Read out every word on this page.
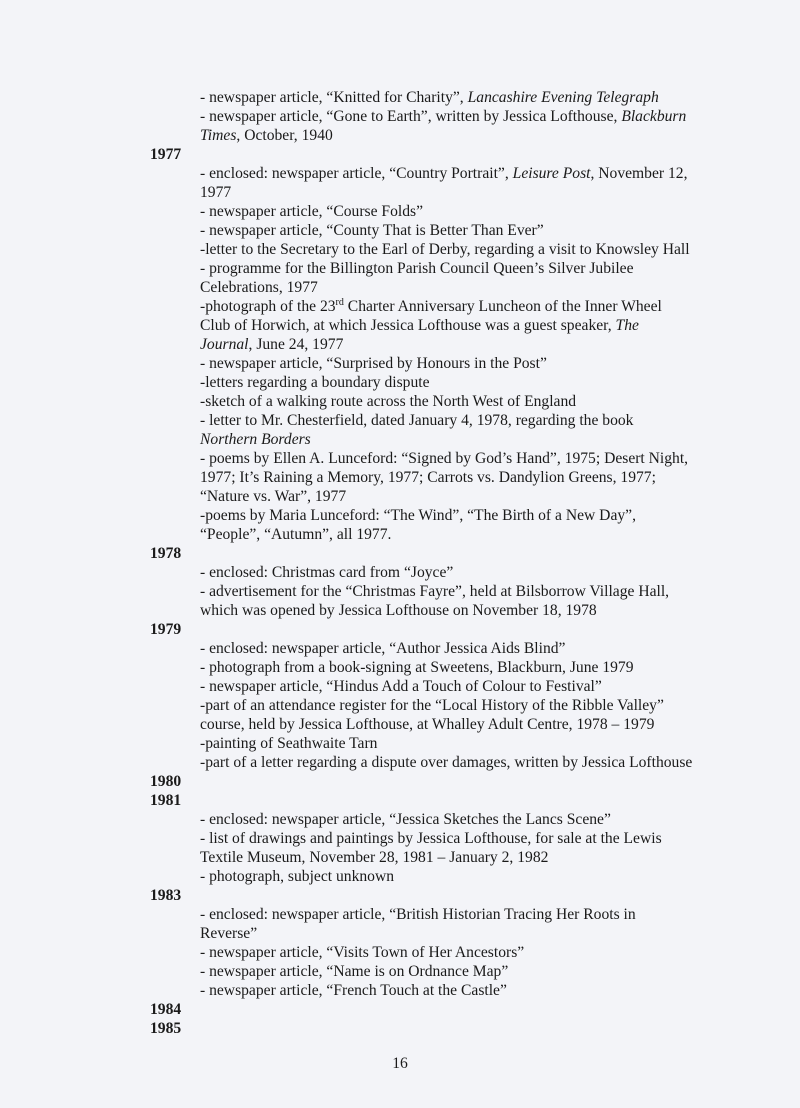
- newspaper article, “Knitted for Charity”, Lancashire Evening Telegraph
- newspaper article, “Gone to Earth”, written by Jessica Lofthouse, Blackburn
Times, October, 1940
1977
- enclosed: newspaper article, “Country Portrait”, Leisure Post, November 12,
1977
- newspaper article, “Course Folds”
- newspaper article, “County That is Better Than Ever”
-letter to the Secretary to the Earl of Derby, regarding a visit to Knowsley Hall
- programme for the Billington Parish Council Queen’s Silver Jubilee
Celebrations, 1977
-photograph of the 23rd Charter Anniversary Luncheon of the Inner Wheel
Club of Horwich, at which Jessica Lofthouse was a guest speaker, The
Journal, June 24, 1977
- newspaper article, “Surprised by Honours in the Post”
-letters regarding a boundary dispute
-sketch of a walking route across the North West of England
- letter to Mr. Chesterfield, dated January 4, 1978, regarding the book
Northern Borders
- poems by Ellen A. Lunceford: “Signed by God’s Hand”, 1975; Desert Night,
1977; It’s Raining a Memory, 1977; Carrots vs. Dandylion Greens, 1977;
“Nature vs. War”, 1977
-poems by Maria Lunceford: “The Wind”, “The Birth of a New Day”,
“People”, “Autumn”, all 1977.
1978
- enclosed: Christmas card from “Joyce”
- advertisement for the “Christmas Fayre”, held at Bilsborrow Village Hall,
which was opened by Jessica Lofthouse on November 18, 1978
1979
- enclosed: newspaper article, “Author Jessica Aids Blind”
- photograph from a book-signing at Sweetens, Blackburn, June 1979
- newspaper article, “Hindus Add a Touch of Colour to Festival”
-part of an attendance register for the “Local History of the Ribble Valley”
course, held by Jessica Lofthouse, at Whalley Adult Centre, 1978 – 1979
-painting of Seathwaite Tarn
-part of a letter regarding a dispute over damages, written by Jessica Lofthouse
1980
1981
- enclosed: newspaper article, “Jessica Sketches the Lancs Scene”
- list of drawings and paintings by Jessica Lofthouse, for sale at the Lewis
Textile Museum, November 28, 1981 – January 2, 1982
- photograph, subject unknown
1983
- enclosed: newspaper article, “British Historian Tracing Her Roots in
Reverse”
- newspaper article, “Visits Town of Her Ancestors”
- newspaper article, “Name is on Ordnance Map”
- newspaper article, “French Touch at the Castle”
1984
1985
16
